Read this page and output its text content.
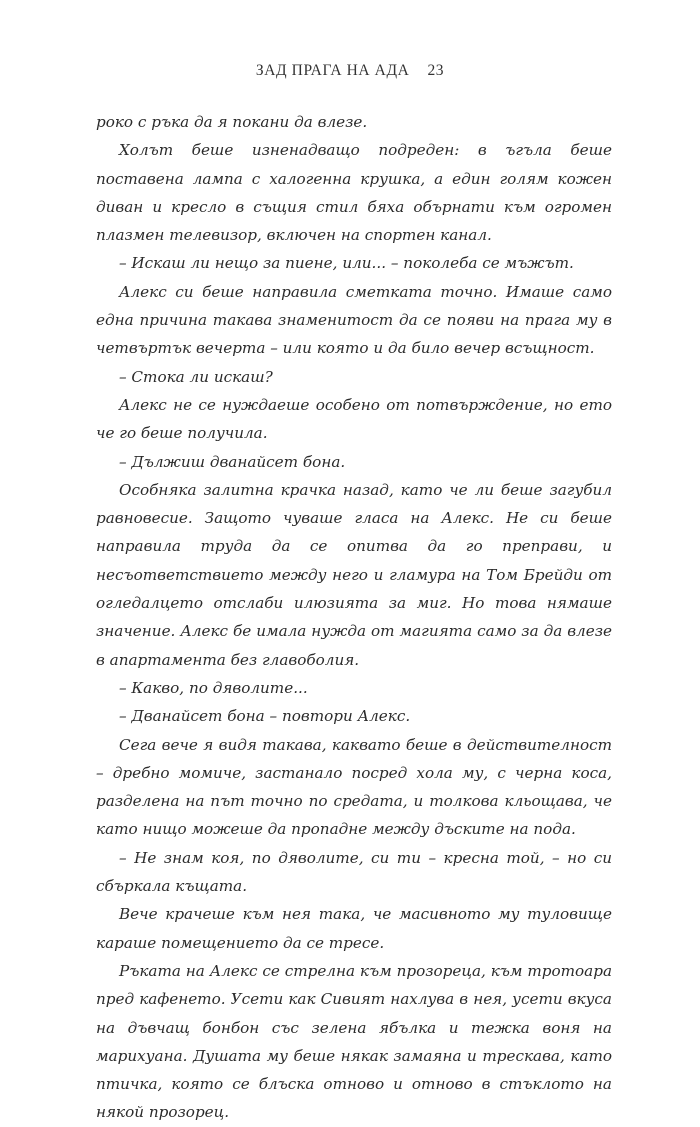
ЗАД ПРАГА НА АДА 23

роко с ръка да я покани да влезе.

Холът беше изненадващо подреден: в ъгъла беше поставена лампа с халогенна крушка, а един голям кожен диван и кресло в същия стил бяха обърнати към огромен плазмен телевизор, включен на спортен канал.

– Искаш ли нещо за пиене, или... – поколеба се мъжът.

Алекс си беше направила сметката точно. Имаше само една причина такава знаменитост да се появи на прага му в четвъртък вечерта – или която и да било вечер всъщност.

– Стока ли искаш?

Алекс не се нуждаеше особено от потвърждение, но ето че го беше получила.

– Дължиш дванайсет бона.

Особняка залитна крачка назад, като че ли беше загубил равновесие. Защото чуваше гласа на Алекс. Не си беше направила труда да се опитва да го преправи, и несъответствието между него и гламура на Том Брейди от огледалцето отслаби илюзията за миг. Но това нямаше значение. Алекс бе имала нужда от магията само за да влезе в апартамента без главоболия.

– Какво, по дяволите...

– Дванайсет бона – повтори Алекс.

Сега вече я видя такава, каквато беше в действителност – дребно момиче, застанало посред хола му, с черна коса, разделена на път точно по средата, и толкова кльощава, че като нищо можеше да пропадне между дъските на пода.

– Не знам коя, по дяволите, си ти – кресна той, – но си сбъркала къщата.

Вече крачеше към нея така, че масивното му туловище караше помещението да се тресе.

Ръката на Алекс се стрелна към прозореца, към тротоара пред кафенето. Усети как Сивият нахлува в нея, усети вкуса на дъвчащ бонбон със зелена ябълка и тежка воня на марихуана. Душата му беше някак замаяна и трескава, като птичка, която се блъска отново и отново в стъклото на някой прозорец.
